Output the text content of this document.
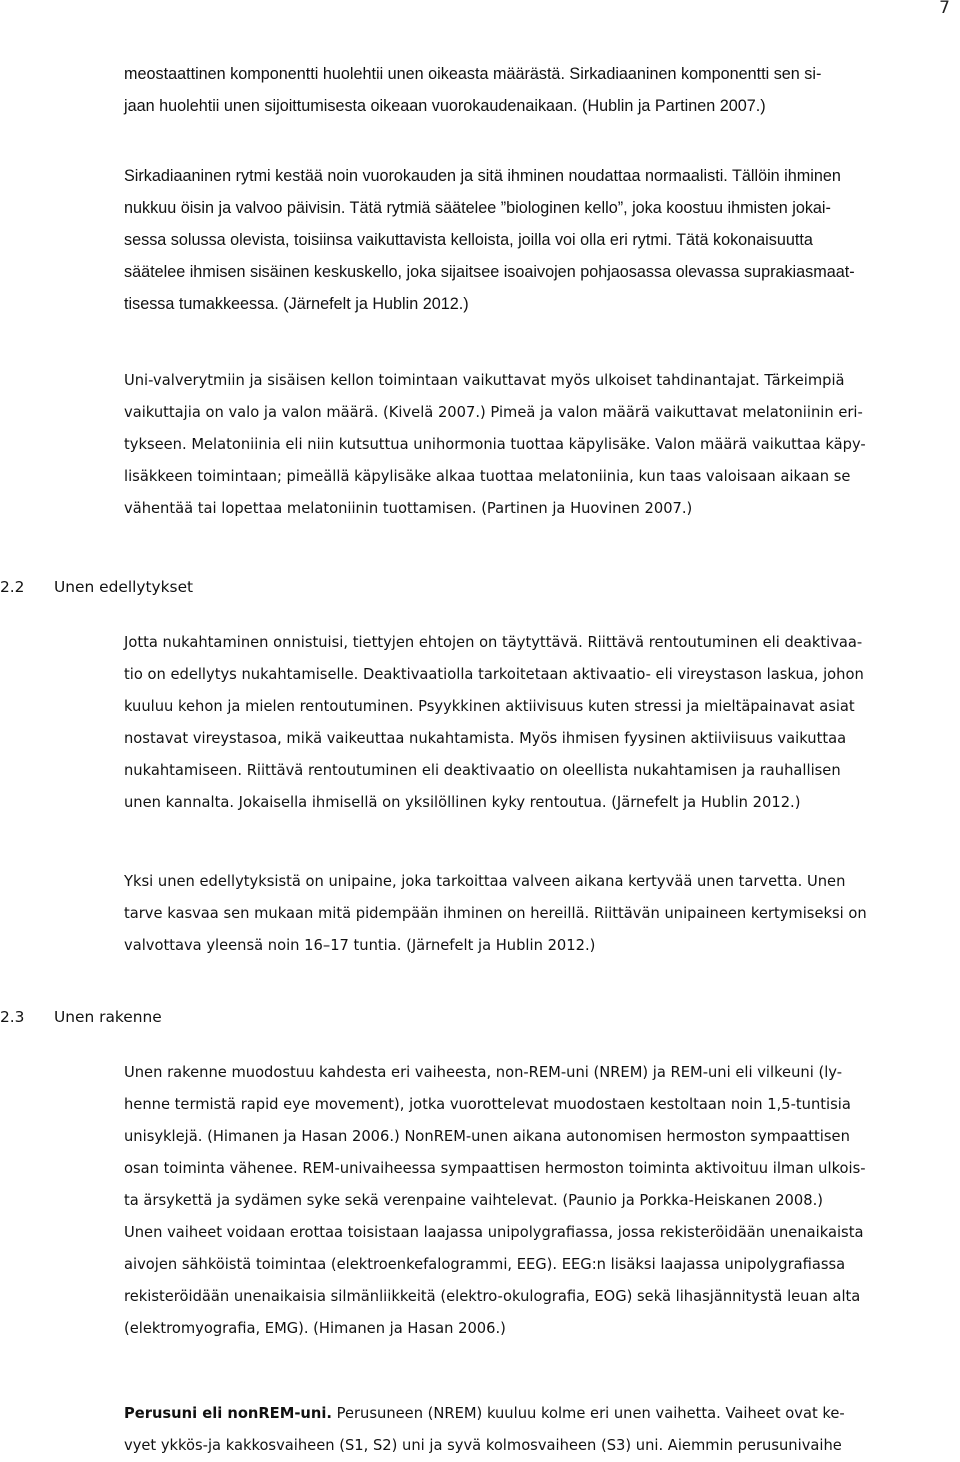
7
meostaattinen komponentti huolehtii unen oikeasta määrästä. Sirkadiaaninen komponentti sen si-
jaan huolehtii unen sijoittumisesta oikeaan vuorokaudenaikaan. (Hublin ja Partinen 2007.)
Sirkadiaaninen rytmi kestää noin vuorokauden ja sitä ihminen noudattaa normaalisti. Tällöin ihminen
nukkuu öisin ja valvoo päivisin. Tätä rytmiä säätelee ”biologinen kello”, joka koostuu ihmisten jokai-
sessa solussa olevista, toisiinsa vaikuttavista kelloista, joilla voi olla eri rytmi. Tätä kokonaisuutta
säätelee ihmisen sisäinen keskuskello, joka sijaitsee isoaivojen pohjaosassa olevassa suprakiasmaat-
tisessa tumakkeessa. (Järnefelt ja Hublin 2012.)
Uni-valverytmiin ja sisäisen kellon toimintaan vaikuttavat myös ulkoiset tahdinantajat. Tärkeimpiä
vaikuttajia on valo ja valon määrä. (Kivelä 2007.) Pimeä ja valon määrä vaikuttavat melatoniinin eri-
tykseen. Melatoniinia eli niin kutsuttua unihormonia tuottaa käpylisäke. Valon määrä vaikuttaa käpy-
lisäkkeen toimintaan; pimeällä käpylisäke alkaa tuottaa melatoniinia, kun taas valoisaan aikaan se
vähentää tai lopettaa melatoniinin tuottamisen. (Partinen ja Huovinen 2007.)
2.2 Unen edellytykset
Jotta nukahtaminen onnistuisi, tiettyjen ehtojen on täytyttävä. Riittävä rentoutuminen eli deaktivaa-
tio on edellytys nukahtamiselle. Deaktivaatiolla tarkoitetaan aktivaatio- eli vireystason laskua, johon
kuuluu kehon ja mielen rentoutuminen. Psyykkinen aktiivisuus kuten stressi ja mieltäpainavat asiat
nostavat vireystasoa, mikä vaikeuttaa nukahtamista. Myös ihmisen fyysinen aktiiviisuus vaikuttaa
nukahtamiseen. Riittävä rentoutuminen eli deaktivaatio on oleellista nukahtamisen ja rauhallisen
unen kannalta. Jokaisella ihmisellä on yksilöllinen kyky rentoutua. (Järnefelt ja Hublin 2012.)
Yksi unen edellytyksistä on unipaine, joka tarkoittaa valveen aikana kertyvää unen tarvetta. Unen
tarve kasvaa sen mukaan mitä pidempään ihminen on hereillä. Riittävän unipaineen kertymiseksi on
valvottava yleensä noin 16–17 tuntia. (Järnefelt ja Hublin 2012.)
2.3 Unen rakenne
Unen rakenne muodostuu kahdesta eri vaiheesta, non-REM-uni (NREM) ja REM-uni eli vilkeuni (ly-
henne termistä rapid eye movement), jotka vuorottelevat muodostaen kestoltaan noin 1,5-tuntisia
unisyklejä. (Himanen ja Hasan 2006.) NonREM-unen aikana autonomisen hermoston sympaattisen
osan toiminta vähenee. REM-univaiheessa sympaattisen hermoston toiminta aktivoituu ilman ulkois-
ta ärsykettä ja sydämen syke sekä verenpaine vaihtelevat. (Paunio ja Porkka-Heiskanen 2008.)
Unen vaiheet voidaan erottaa toisistaan laajassa unipolygrafiassa, jossa rekisteröidään unenaikaista
aivojen sähköistä toimintaa (elektroenkefalogrammi, EEG). EEG:n lisäksi laajassa unipolygrafiassa
rekisteröidään unenaikaisia silmänliikkeitä (elektro-okulografia, EOG) sekä lihasjännitystä leuan alta
(elektromyografia, EMG). (Himanen ja Hasan 2006.)
Perusuni eli nonREM-uni. Perusuneen (NREM) kuuluu kolme eri unen vaihetta. Vaiheet ovat ke-
vyet ykkös-ja kakkosvaiheen (S1, S2) uni ja syvä kolmosvaiheen (S3) uni. Aiemmin perusunivaihe
